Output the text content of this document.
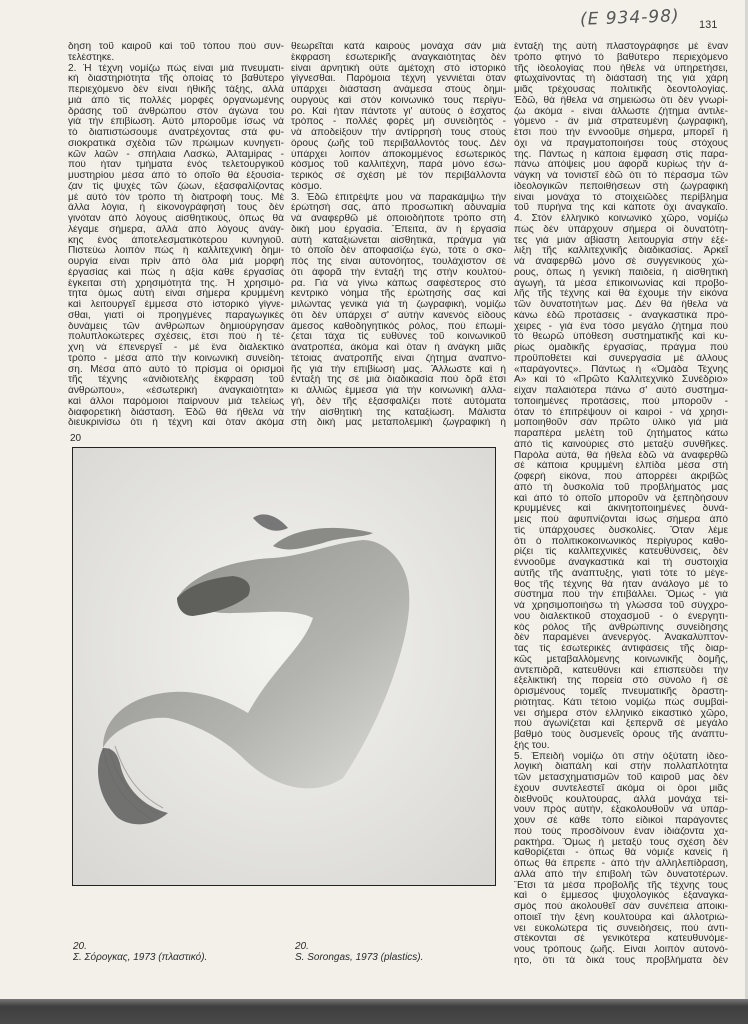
(E 934-98) 131
δηση τοῦ καιροῦ καὶ τοῦ τόπου ποὺ συν-
τελέστηκε.
2. Ἡ τέχνη νομίζω πὼς εἶναι μιὰ πνευματι-
κὴ διαστηριότητα τῆς ὁποίας τὸ βαθύτερο
περιεχόμενο δὲν εἶναι ἠθικῆς τάξης, ἀλλὰ
μιὰ ἀπὸ τὶς πολλὲς μορφὲς ὀργανωμένης
δράσης τοῦ ἀνθρώπου στὸν ἀγώνα του
γιὰ τὴν ἐπιβίωση. Αὐτὸ μποροῦμε ἴσως νὰ
τὸ διαπιστώσουμε ἀνατρέχοντας στὰ φυ-
σιοκρατικὰ σχέδια τῶν πρώιμων κυνηγετι-
κῶν λαῶν - σπήλαια Λασκώ, Ἀλταμίρας -
ποὺ ἦταν τμήματα ἑνὸς τελετουργικοῦ
μυστηρίου μέσα ἀπὸ τὸ ὁποῖο θὰ ἐξουσία-
ζαν τὶς ψυχὲς τῶν ζώων, ἐξασφαλίζοντας
μὲ αὐτὸ τὸν τρόπο τὴ διατροφή τους. Μὲ
ἄλλα λόγια, ἡ εἰκονογράφησή τους δὲν
γινόταν ἀπὸ λόγους αἰσθητικούς, ὅπως θὰ
λέγαμε σήμερα, ἀλλὰ ἀπὸ λόγους ἀνάγ-
κης ἑνὸς ἀποτελεσματικότερου κυνηγιοῦ.
Πιστεύω λοιπὸν πὼς ἡ καλλιτεχνικὴ δημι-
ουργία εἶναι πρὶν ἀπὸ ὅλα μιὰ μορφὴ
ἐργασίας καὶ πὼς ἡ ἀξία κάθε ἐργασίας
ἔγκειται στὴ χρησιμότητά της. Ἡ χρησιμό-
τητα ὅμως αὐτὴ εἶναι σήμερα κρυμμένη
καὶ λειτουργεῖ ἔμμεσα στὸ ἱστορικὸ γίγνε-
σθαι, γιατὶ οἱ προηγμένες παραγωγικὲς
δυνάμεις τῶν ἀνθρώπων δημιούργησαν
πολυπλοκώτερες σχέσεις, ἔτσι ποὺ ἡ τέ-
χνη νὰ ἐπενεργεῖ - μὲ ἕνα διαλεκτικὸ
τρόπο - μέσα ἀπὸ τὴν κοινωνικὴ συνείδη-
ση. Μέσα ἀπὸ αὐτὸ τὸ πρίσμα οἱ ὁρισμοὶ
τῆς τέχνης «ἀνιδιοτελὴς ἔκφραση τοῦ
ἀνθρώπου», «ἐσωτερικὴ ἀναγκαιότητα»
καὶ ἄλλοι παρόμοιοι παίρνουν μιὰ τελείως
διαφορετικὴ διάσταση. Ἐδῶ θὰ ἤθελα νὰ
διευκρινίσω ὅτι ἡ τέχνη καὶ ὅταν ἀκόμα
θεωρεῖται κατὰ καιροὺς μονάχα σὰν μιὰ
ἔκφραση ἐσωτερικῆς ἀναγκαιότητας δὲν
εἶναι ἀρνητικὴ οὔτε ἀμέτοχη στὸ ἱστορικὸ
γίγνεσθαι. Παρόμοια τέχνη γεννιέται ὅταν
ὑπάρχει διάσταση ἀνάμεσα στοὺς δημι-
ουργοὺς καὶ στὸν κοινωνικό τους περίγυ-
ρο. Καὶ ἦταν πάντοτε γι' αὐτοὺς ὁ ἔσχατος
τρόπος - πολλὲς φορὲς μὴ συνειδητὸς -
νὰ ἀποδείξουν τὴν ἀντίρρησή τους στοὺς
ὅρους ζωῆς τοῦ περιβάλλοντός τους. Δὲν
ὑπάρχει λοιπὸν ἀποκομμένος ἐσωτερικὸς
κόσμος τοῦ καλλιτέχνη, παρὰ μόνο ἐσω-
τερικὸς σὲ σχέση μὲ τὸν περιβάλλοντα
κόσμο.
3. Ἐδῶ ἐπιτρέψτε μου νὰ παρακάμψω τὴν
ἐρώτησή σας, ἀπὸ προσωπικὴ ἀδυναμία
νὰ ἀναφερθῶ μὲ ὁποιοδήποτε τρόπο στὴ
δική μου ἐργασία. Ἔπειτα, ἂν ἡ ἐργασία
αὐτὴ καταξιώνεται αἰσθητικά, πράγμα γιὰ
τὸ ὁποῖο δὲν ἀποφασίζω ἐγώ, τότε ὁ σκο-
πός της εἶναι αὐτονόητος, τουλάχιστον σὲ
ὅτι ἀφορᾶ τὴν ἔνταξή της στὴν κουλτού-
ρα. Γιὰ νὰ γίνω κάπως σαφέστερος στὸ
κεντρικὸ νόημα τῆς ἐρώτησής σας καὶ
μιλώντας γενικὰ γιὰ τὴ ζωγραφική, νομίζω
ὅτι δὲν ὑπάρχει σ' αὐτὴν κανενὸς εἴδους
ἄμεσος καθοδηγητικὸς ρόλος, ποὺ ἐπωμί-
ζεται τάχα τὶς εὐθύνες τοῦ κοινωνικοῦ
ἀνατροπέα, ἀκόμα καὶ ὅταν ἡ ἀνάγκη μιᾶς
τέτοιας ἀνατροπῆς εἶναι ζήτημα ἀναπνο-
ῆς γιὰ τὴν ἐπιβίωσή μας. Ἄλλωστε καὶ ἡ
ἔνταξή της σὲ μιὰ διαδικασία ποὺ δρᾶ ἔτσι
κι ἀλλιῶς ἔμμεσα γιὰ τὴν κοινωνικὴ ἀλλα-
γή, δὲν τῆς ἐξασφαλίζει ποτὲ αὐτόματα
τὴν αἰσθητική της καταξίωση. Μάλιστα
στὴ δική μας μεταπολεμικὴ ζωγραφικὴ ἡ
ἔνταξή της αὐτὴ πλαστογράφησε μὲ ἕναν
τρόπο φτηνὸ τὸ βαθύτερο περιεχόμενο
τῆς ἰδεολογίας ποὺ ἤθελε νὰ ὑπηρετήσει,
φτωχαίνοντας τὴ διάστασή της γιὰ χάρη
μιᾶς τρέχουσας πολιτικῆς δεοντολογίας.
Ἐδῶ, θὰ ἤθελα νὰ σημειώσω ὅτι δὲν γνωρί-
ζω ἀκόμα - εἶναι ἄλλωστε ζήτημα ἀντιλε-
γόμενο - ἂν μιὰ στρατευμένη ζωγραφική,
ἔτσι ποὺ τὴν ἐννοοῦμε σήμερα, μπορεῖ ἢ
ὄχι νὰ πραγματοποιήσει τοὺς στόχους
της. Πάντως ἡ κάποια ἔμφαση στὶς παρα-
πάνω ἀπόψεις μου ἀφορᾶ κυρίως τὴν ἀ-
νάγκη νὰ τονιστεῖ ἐδῶ ὅτι τὸ πέρασμα τῶν
ἰδεολογικῶν πεποιθήσεων στὴ ζωγραφικὴ
εἶναι μονάχα τὸ στοιχειῶδες περίβλημα
τοῦ πυρήνα της καὶ κάποτε ὄχι ἀναγκαῖο.
4. Στὸν ἑλληνικὸ κοινωνικὸ χῶρο, νομίζω
πὼς δὲν ὑπάρχουν σήμερα οἱ δυνατότη-
τες γιὰ μιὰν ἀβίαστη λειτουργία στὴν ἐξέ-
λιξη τῆς καλλιτεχνικῆς διαδικασίας. Ἀρκεῖ
νὰ ἀναφερθῶ μόνο σὲ συγγενικοὺς χώ-
ρους, ὅπως ἡ γενικὴ παιδεία, ἡ αἰσθητικὴ
ἀγωγή, τὰ μέσα ἐπικοινωνίας καὶ προβο-
λῆς τῆς τέχνης καὶ θὰ ἔχουμε τὴν εἰκόνα
τῶν δυνατοτήτων μας. Δὲν θὰ ἤθελα νὰ
κάνω ἐδῶ προτάσεις - ἀναγκαστικὰ πρό-
χειρες - γιὰ ἕνα τόσο μεγάλο ζήτημα ποὺ
τὸ θεωρῶ ὑπόθεση συστηματικῆς καὶ κυ-
ρίως ὁμαδικῆς ἐργασίας, πράγμα ποὺ
προϋποθέτει καὶ συνεργασία μὲ ἄλλους
«παράγοντες». Πάντως ἡ «Ὁμάδα Τέχνης
Α» καὶ τὸ «Πρῶτο Καλλιτεχνικὸ Συνέδριο»
εἶχαν παλαιότερα πάνω σ' αὐτὸ συστημα-
τοποιημένες προτάσεις, ποὺ μποροῦν -
ὅταν τὸ ἐπιτρέψουν οἱ καιροὶ - νὰ χρησι-
μοποιηθοῦν σὰν πρῶτο ὑλικὸ γιὰ μιὰ
παραπέρα μελέτη τοῦ ζητήματος κάτω
ἀπὸ τὶς καινούριες στὸ μεταξὺ συνθῆκες.
Παρόλα αὐτά, θὰ ἤθελα ἐδῶ νὰ ἀναφερθῶ
σὲ κάποια κρυμμένη ἐλπίδα μέσα στὴ
ζοφερὴ εἰκόνα, ποὺ ἀπορρέει ἀκριβῶς
ἀπὸ τὴ δυσκολία τοῦ προβλήματός μας
καὶ ἀπὸ τὸ ὁποῖο μποροῦν νὰ ξεπηδήσουν
κρυμμένες καὶ ἀκινητοποιημένες δυνά-
μεις ποὺ ἀφυπνίζονται ἴσως σήμερα ἀπὸ
τὶς ὑπάρχουσες δυσκολίες. Ὅταν λέμε
ὅτι ὁ πολιτικοκοινωνικὸς περίγυρος καθο-
ρίζει τὶς καλλιτεχνικὲς κατευθύνσεις, δὲν
ἐννοοῦμε ἀναγκαστικὰ καὶ τὴ συστοιχία
αὐτῆς τῆς ἀνάπτυξης, γιατὶ τότε τὸ μέγε-
θος τῆς τέχνης θὰ ἦταν ἀνάλογο μὲ τὸ
σύστημα ποὺ τὴν ἐπιβάλλει. Ὅμως - γιὰ
νὰ χρησιμοποιήσω τὴ γλώσσα τοῦ σύγχρο-
νου διαλεκτικοῦ στοχασμοῦ - ὁ ἐνεργητι-
κὸς ρόλος τῆς ἀνθρώπινης συνείδησης
δὲν παραμένει ἀνενεργός. Ἀνακαλύπτον-
τας τὶς ἐσωτερικὲς ἀντιφάσεις τῆς διαρ-
κῶς μεταβαλλόμενης κοινωνικῆς δομῆς,
ἀντεπιδρᾶ, κατευθύνει καὶ ἐπισπεύδει τὴν
ἐξελικτική της πορεία στὸ σύνολο ἢ σὲ
ὁρισμένους τομεῖς πνευματικῆς δραστη-
ριότητας. Κάτι τέτοιο νομίζω πὼς συμβαί-
νει σήμερα στὸν ἑλληνικὸ εἰκαστικὸ χῶρο,
ποὺ ἀγωνίζεται καὶ ξεπερνᾶ σὲ μεγάλο
βαθμὸ τοὺς δυσμενεῖς ὅρους τῆς ἀνάπτυ-
ξής του.
5. Ἐπειδὴ νομίζω ὅτι στὴν ὀξύτατη ἰδεο-
λογικὴ διαπάλη καὶ στὴν πολλαπλότητα
τῶν μετασχηματισμῶν τοῦ καιροῦ μας δὲν
ἔχουν συντελεστεῖ ἀκόμα οἱ ὅροι μιᾶς
διεθνοῦς κουλτούρας, ἀλλὰ μονάχα τεί-
νουν πρὸς αὐτήν, ἐξακολουθοῦν νὰ ὑπάρ-
χουν σὲ κάθε τόπο εἰδικοὶ παράγοντες
ποὺ τοὺς προσδίνουν ἕναν ἰδιάζοντα χα-
ρακτήρα. Ὅμως ἡ μεταξύ τους σχέση δὲν
καθορίζεται - ὅπως θὰ νόμιζε κανεὶς ἢ
ὅπως θὰ ἔπρεπε - ἀπὸ τὴν ἀλληλεπίδραση,
ἀλλὰ ἀπὸ τὴν ἐπιβολὴ τῶν δυνατοτέρων.
Ἔτσι τὰ μέσα προβολῆς τῆς τέχνης τους
καὶ ὁ ἔμμεσος ψυχολογικὸς ἐξαναγκα-
σμὸς ποὺ ἀκολουθεῖ σὰν συνέπεια ἀποικι-
οποιεῖ τὴν ξένη κουλτούρα καὶ ἀλλοτριώ-
νει εὐκολώτερα τὶς συνειδήσεις, ποὺ ἀντι-
στέκονται σὲ γενικότερα κατευθυνόμε-
νους τρόπους ζωῆς. Εἶναι λοιπὸν αὐτονό-
ητο, ὅτι τὰ δικά τους προβλήματα δὲν
20
20.
Σ. Σόρογκας, 1973 (πλαστικό).
20.
S. Sorongas, 1973 (plastics).
